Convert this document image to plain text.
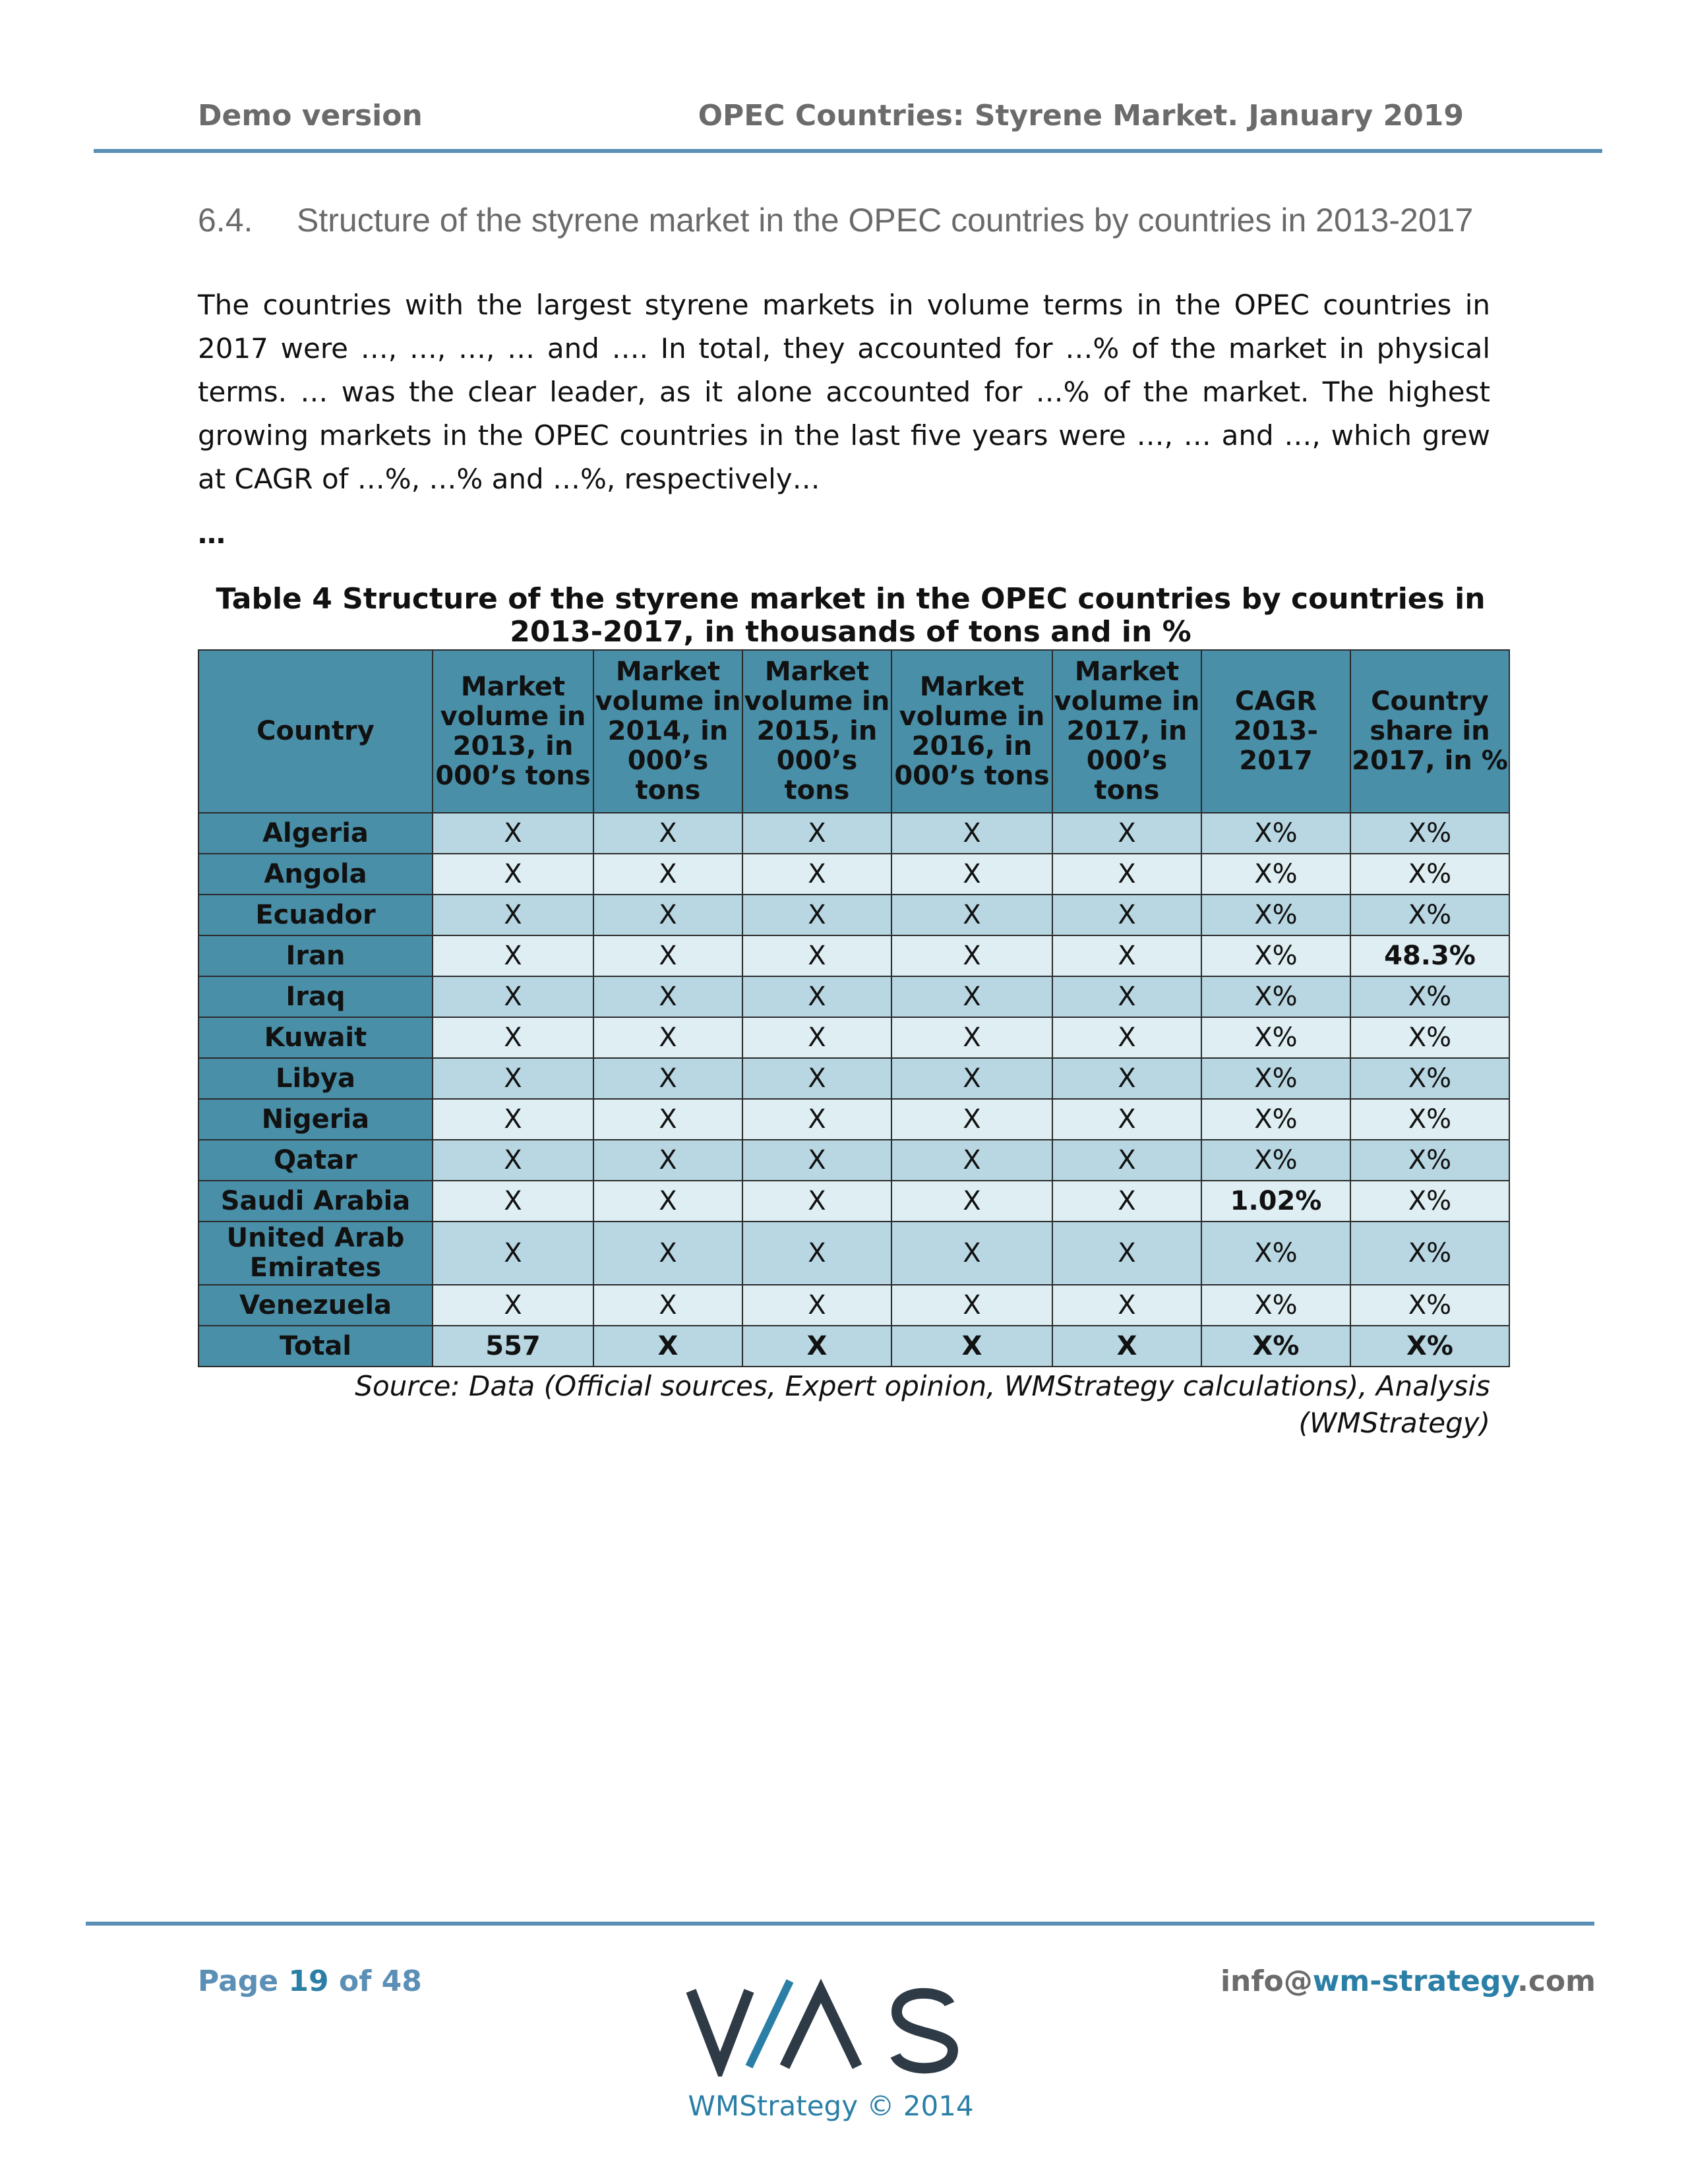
Demo version	OPEC Countries: Styrene Market. January 2019
6.4. Structure of the styrene market in the OPEC countries by countries in 2013-2017
The countries with the largest styrene markets in volume terms in the OPEC countries in 2017 were …, …, …, … and …. In total, they accounted for …% of the market in physical terms. … was the clear leader, as it alone accounted for …% of the market. The highest growing markets in the OPEC countries in the last five years were …, … and …, which grew at CAGR of …%, …% and …%, respectively…
…
Table 4 Structure of the styrene market in the OPEC countries by countries in 2013-2017, in thousands of tons and in %
Country	Market volume in 2013, in 000’s tons	Market volume in 2014, in 000’s tons	Market volume in 2015, in 000’s tons	Market volume in 2016, in 000’s tons	Market volume in 2017, in 000’s tons	CAGR 2013-2017	Country share in 2017, in %
Algeria	X	X	X	X	X	X%	X%
Angola	X	X	X	X	X	X%	X%
Ecuador	X	X	X	X	X	X%	X%
Iran	X	X	X	X	X	X%	48.3%
Iraq	X	X	X	X	X	X%	X%
Kuwait	X	X	X	X	X	X%	X%
Libya	X	X	X	X	X	X%	X%
Nigeria	X	X	X	X	X	X%	X%
Qatar	X	X	X	X	X	X%	X%
Saudi Arabia	X	X	X	X	X	1.02%	X%
United Arab Emirates	X	X	X	X	X	X%	X%
Venezuela	X	X	X	X	X	X%	X%
Total	557	X	X	X	X	X%	X%
Source: Data (Official sources, Expert opinion, WMStrategy calculations), Analysis (WMStrategy)
Page 19 of 48	info@wm-strategy.com
WMStrategy © 2014
